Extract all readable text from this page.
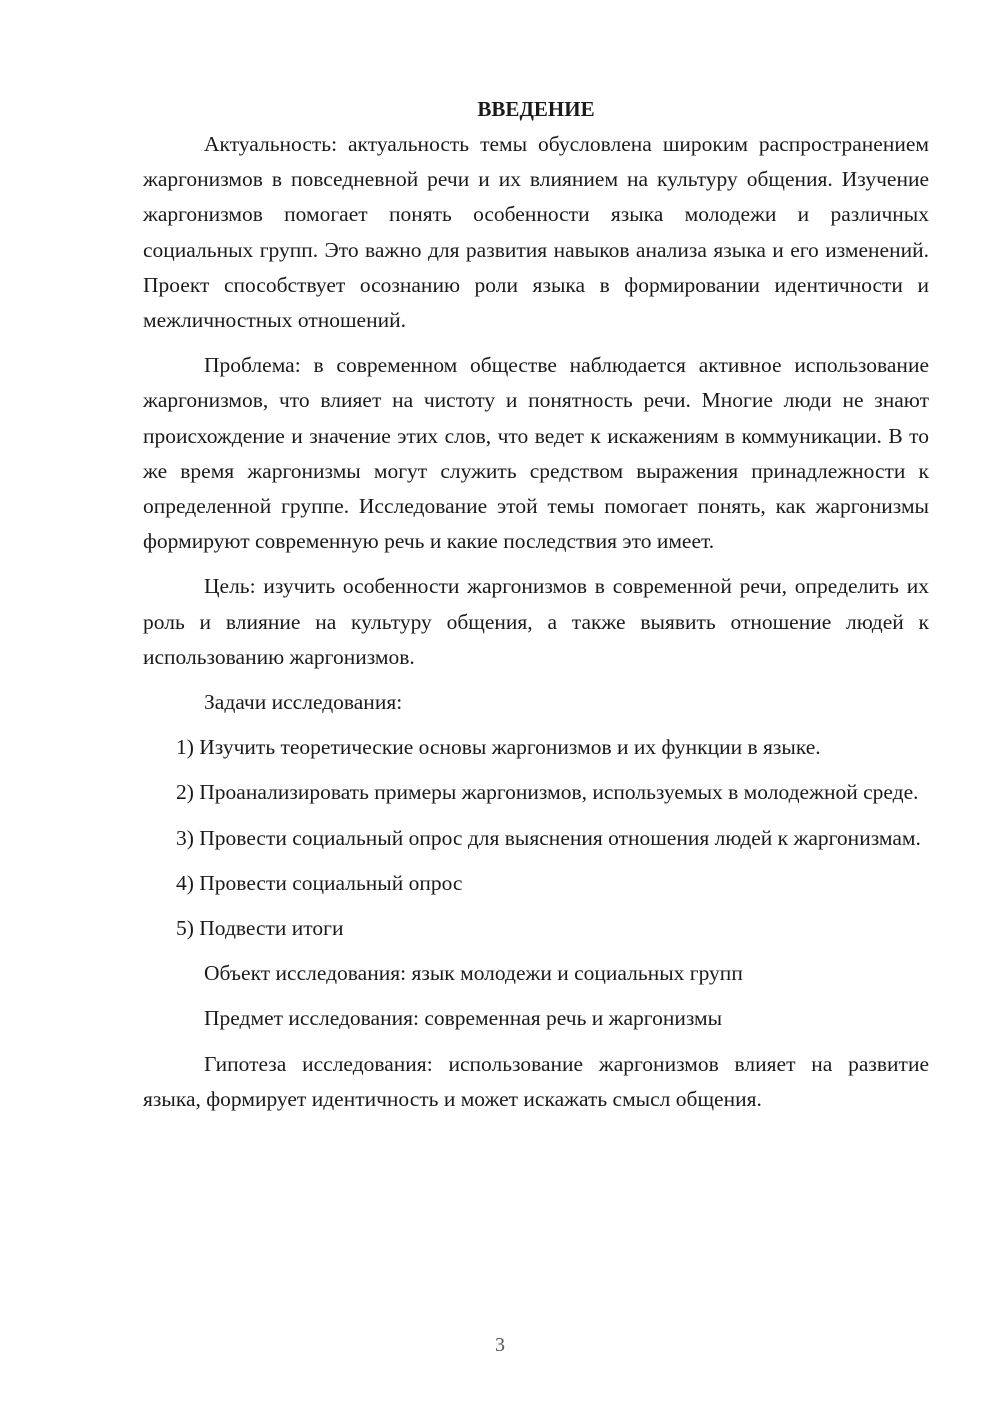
ВВЕДЕНИЕ

Актуальность: актуальность темы обусловлена широким распространением жаргонизмов в повседневной речи и их влиянием на культуру общения. Изучение жаргонизмов помогает понять особенности языка молодежи и различных социальных групп. Это важно для развития навыков анализа языка и его изменений. Проект способствует осознанию роли языка в формировании идентичности и межличностных отношений.

Проблема: в современном обществе наблюдается активное использование жаргонизмов, что влияет на чистоту и понятность речи. Многие люди не знают происхождение и значение этих слов, что ведет к искажениям в коммуникации. В то же время жаргонизмы могут служить средством выражения принадлежности к определенной группе. Исследование этой темы помогает понять, как жаргонизмы формируют современную речь и какие последствия это имеет.

Цель: изучить особенности жаргонизмов в современной речи, определить их роль и влияние на культуру общения, а также выявить отношение людей к использованию жаргонизмов.

Задачи исследования:

1) Изучить теоретические основы жаргонизмов и их функции в языке.

2) Проанализировать примеры жаргонизмов, используемых в молодежной среде.

3) Провести социальный опрос для выяснения отношения людей к жаргонизмам.

4) Провести социальный опрос

5) Подвести итоги

Объект исследования: язык молодежи и социальных групп

Предмет исследования: современная речь и жаргонизмы

Гипотеза исследования: использование жаргонизмов влияет на развитие языка, формирует идентичность и может искажать смысл общения.

3
